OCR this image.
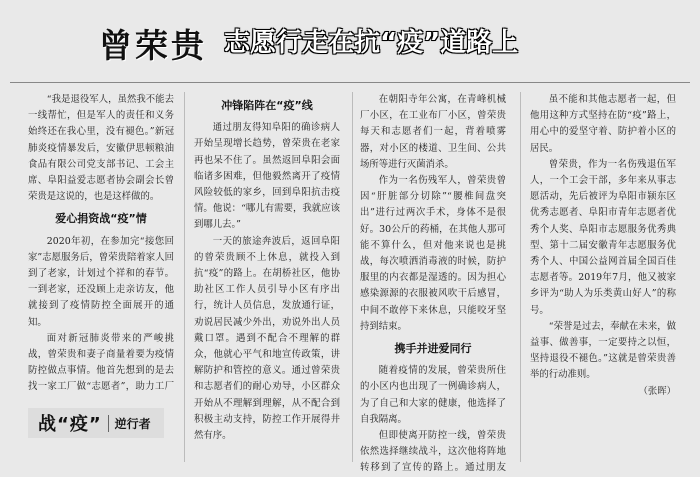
曾荣贵 志愿行走在抗“疫”道路上

“我是退役军人，虽然我不能去一线帮忙，但是军人的责任和义务始终还在我心里，没有褪色。”新冠肺炎疫情暴发后，安徽伊思顿粮油食品有限公司党支部书记、工会主席、阜阳益爱志愿者协会副会长曾荣贵是这说的，也是这样做的。

爱心捐资战“疫”情

2020年初，在参加完“接您回家”志愿服务后，曾荣贵陪着家人回到了老家，计划过个祥和的春节。一到老家，还没顾上走亲访友，他就接到了疫情防控全面展开的通知。

面对新冠肺炎带来的严峻挑战，曾荣贵和妻子商量着要为疫情防控做点事情。他首先想到的是去找一家工厂做“志愿者”，助力工厂

战“疫”	逆行者
冲锋陷阵在“疫”线

通过朋友得知阜阳的确诊病人开始呈现增长趋势，曾荣贵在老家再也呆不住了。虽然返回阜阳会面临诸多困难，但他毅然离开了疫情风险较低的家乡，回到阜阳抗击疫情。他说：“哪儿有需要，我就应该到哪儿去。”

一天的旅途奔波后，返回阜阳的曾荣贵顾不上休息，就投入到抗“疫”的路上。在胡桥社区，他协助社区工作人员引导小区有序出行，统计人员信息，发放通行证，劝说居民减少外出，劝说外出人员戴口罩。遇到不配合不理解的群众，他就心平气和地宣传政策，讲解防护和管控的意义。通过曾荣贵和志愿者们的耐心劝导，小区群众开始从不理解到理解，从不配合到积极主动支持，防控工作开展得井然有序。

在朝阳寺年公寓，在青峰机械厂小区，在工业布厂小区，曾荣贵每天和志愿者们一起，背着喷雾器，对小区的楼道、卫生间、公共场所等进行灭菌消杀。

作为一名伤残军人，曾荣贵曾因“肝脏部分切除”“腰椎间盘突出”进行过两次手术，身体不是很好。30公斤的药桶，在其他人那可能不算什么，但对他来说也是挑战，每次喷洒消毒液的时候，防护服里的内衣都是湿透的。因为担心感染源源的衣服被风吹干后感冒，中间不敢停下来休息，只能咬牙坚持到结束。

携手并进爱同行

随着疫情的发展，曾荣贵所住的小区内也出现了一例确诊病人，为了自己和大家的健康，他选择了自我隔离。

但即使离开防控一线，曾荣贵依然选择继续战斗，这次他将阵地转移到了宣传的路上。通过朋友

虽不能和其他志愿者一起，但他用这种方式坚持在防“疫”路上，用心中的爱坚守着、防护着小区的居民。

曾荣贵，作为一名伤残退伍军人，一个工会干部，多年来从事志愿活动，先后被评为阜阳市颍东区优秀志愿者、阜阳市青年志愿者优秀个人奖、阜阳市志愿服务优秀典型、第十二届安徽青年志愿服务优秀个人、中国公益网首届全国百佳志愿者等。2019年7月，他又被家乡评为“助人为乐类黄山好人”的称号。

“荣誉是过去，奉献在未来，做益事、做善事，一定要持之以恒，坚持退役不褪色。”这就是曾荣贵善举的行动准则。

（张晖）
